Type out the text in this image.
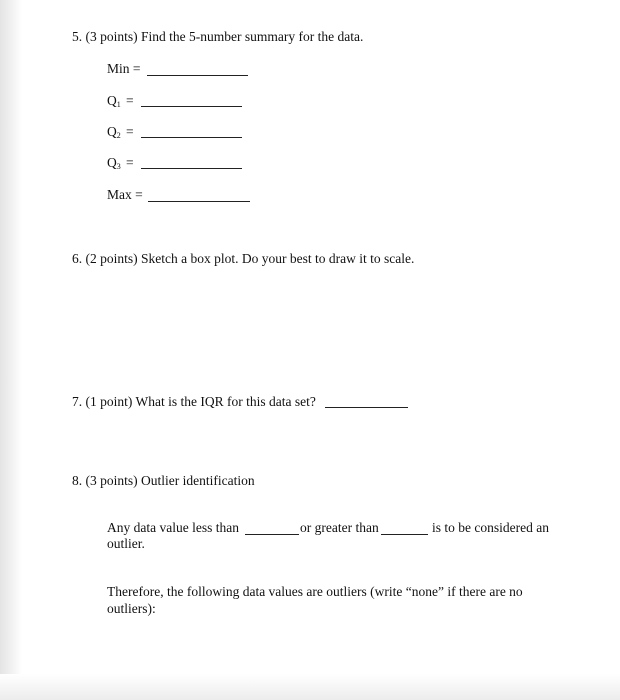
5. (3 points) Find the 5-number summary for the data.
Min =
$Q_1$ =
$Q_2$ =
$Q_3$ =
Max =
6. (2 points) Sketch a box plot. Do your best to draw it to scale.
7. (1 point) What is the IQR for this data set?
8. (3 points) Outlier identification
Any data value less than	or greater than	is to be considered an
outlier.
Therefore, the following data values are outliers (write “none” if there are no outliers):
